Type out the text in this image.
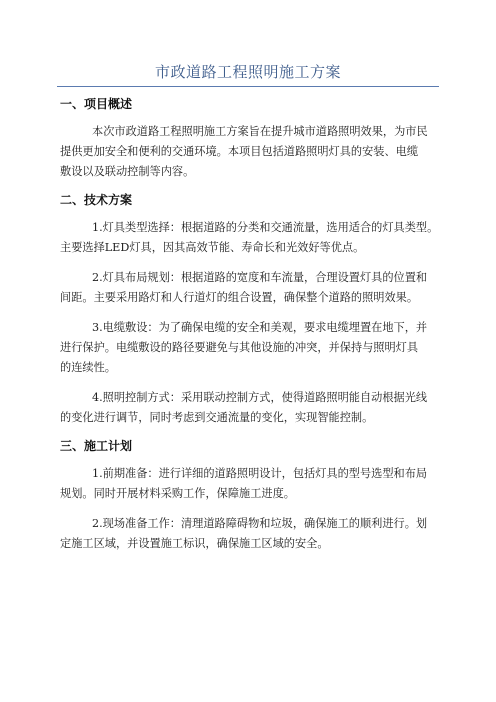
市政道路工程照明施工方案
一、项目概述
本次市政道路工程照明施工方案旨在提升城市道路照明效果，为市民
提供更加安全和便利的交通环境。本项目包括道路照明灯具的安装、电缆
敷设以及联动控制等内容。
二、技术方案
1.灯具类型选择：根据道路的分类和交通流量，选用适合的灯具类型。
主要选择LED灯具，因其高效节能、寿命长和光效好等优点。
2.灯具布局规划：根据道路的宽度和车流量，合理设置灯具的位置和
间距。主要采用路灯和人行道灯的组合设置，确保整个道路的照明效果。
3.电缆敷设：为了确保电缆的安全和美观，要求电缆埋置在地下，并
进行保护。电缆敷设的路径要避免与其他设施的冲突，并保持与照明灯具
的连续性。
4.照明控制方式：采用联动控制方式，使得道路照明能自动根据光线
的变化进行调节，同时考虑到交通流量的变化，实现智能控制。
三、施工计划
1.前期准备：进行详细的道路照明设计，包括灯具的型号选型和布局
规划。同时开展材料采购工作，保障施工进度。
2.现场准备工作：清理道路障碍物和垃圾，确保施工的顺利进行。划
定施工区域，并设置施工标识，确保施工区域的安全。
